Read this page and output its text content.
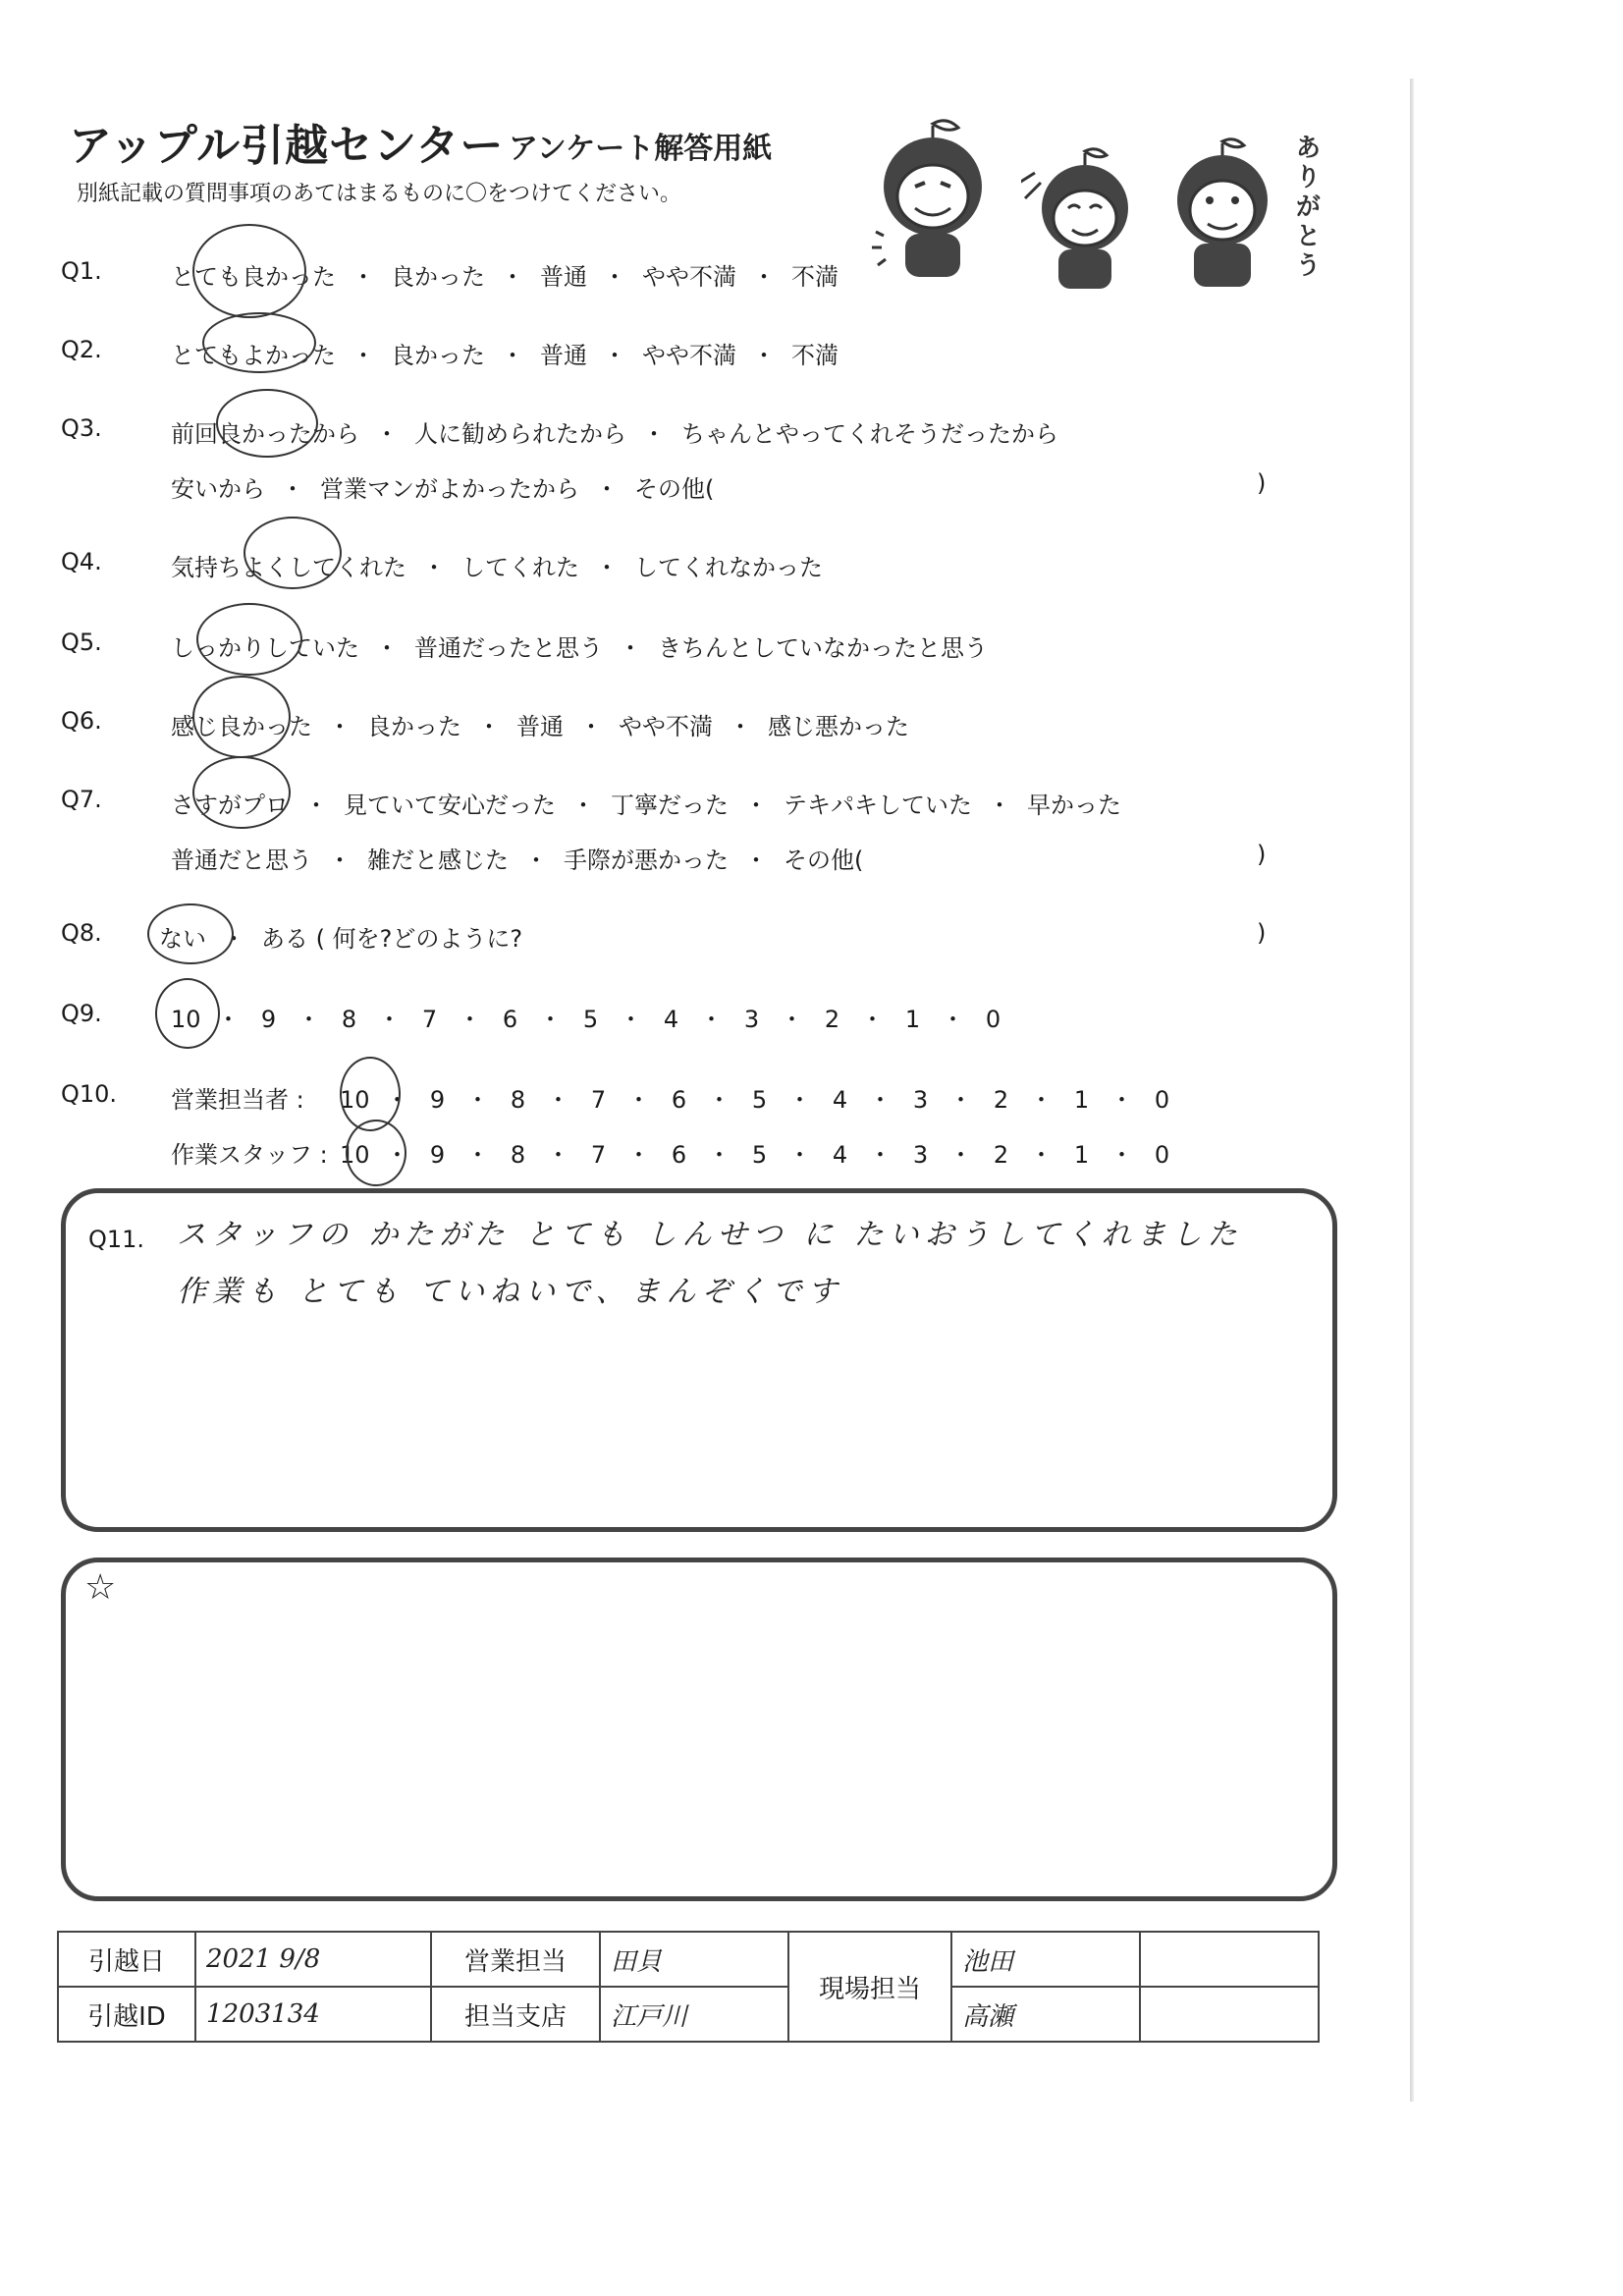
アップル引越センター アンケート解答用紙
別紙記載の質問事項のあてはまるものに〇をつけてください。	ありがとう
Q1.	とても良かった ・ 良かった ・ 普通 ・ やや不満 ・ 不満
Q2.	とてもよかった ・ 良かった ・ 普通 ・ やや不満 ・ 不満
Q3.	前回良かったから ・ 人に勧められたから ・ ちゃんとやってくれそうだったから
安いから ・ 営業マンがよかったから ・ その他(	)
Q4.	気持ちよくしてくれた ・ してくれた ・ してくれなかった
Q5.	しっかりしていた ・ 普通だったと思う ・ きちんとしていなかったと思う
Q6.	感じ良かった ・ 良かった ・ 普通 ・ やや不満 ・ 感じ悪かった
Q7.	さすがプロ ・ 見ていて安心だった ・ 丁寧だった ・ テキパキしていた ・ 早かった
普通だと思う ・ 雑だと感じた ・ 手際が悪かった ・ その他(	)
Q8. ない ・ ある ( 何を?どのように?	)
Q9.	10 ・ 9 ・ 8 ・ 7 ・ 6 ・ 5 ・ 4 ・ 3 ・ 2 ・ 1 ・ 0
Q10. 営業担当者 : 10 ・ 9 ・ 8 ・ 7 ・ 6 ・ 5 ・ 4 ・ 3 ・ 2 ・ 1 ・ 0
作業スタッフ : 10 ・ 9 ・ 8 ・ 7 ・ 6 ・ 5 ・ 4 ・ 3 ・ 2 ・ 1 ・ 0
Q11. スタッフの かたがた とても しんせつ に たいおうしてくれました
作業も とても ていねいで、まんぞくです
☆
引越日	2021 9/8	営業担当	田貝	現場担当	池田	
引越ID	1203134	担当支店	江戸川		高瀬	
